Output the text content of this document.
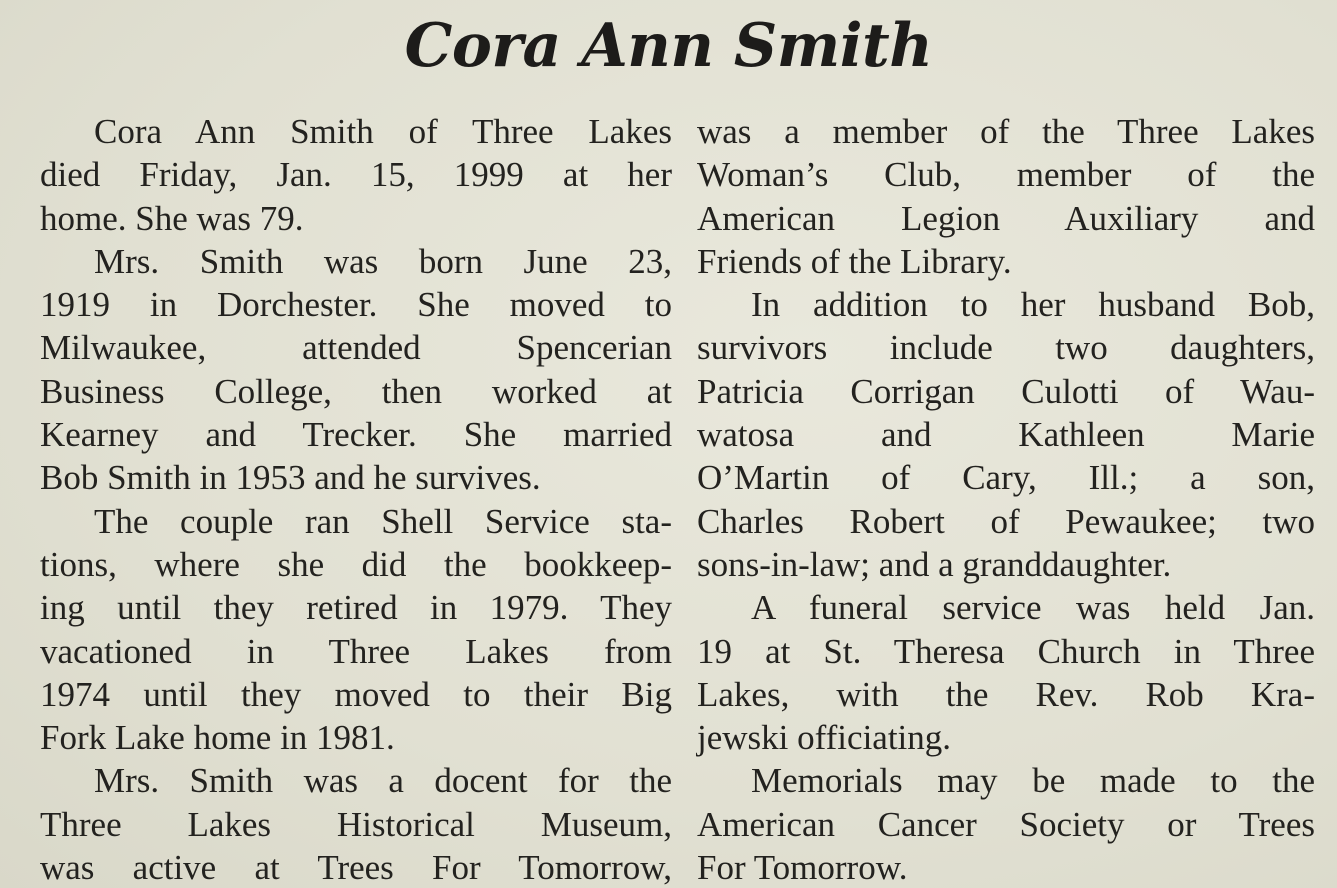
Cora Ann Smith
Cora Ann Smith of Three Lakes
died Friday, Jan. 15, 1999 at her
home. She was 79.
Mrs. Smith was born June 23,
1919 in Dorchester. She moved to
Milwaukee, attended Spencerian
Business College, then worked at
Kearney and Trecker. She married
Bob Smith in 1953 and he survives.
The couple ran Shell Service sta-
tions, where she did the bookkeep-
ing until they retired in 1979. They
vacationed in Three Lakes from
1974 until they moved to their Big
Fork Lake home in 1981.
Mrs. Smith was a docent for the
Three Lakes Historical Museum,
was active at Trees For Tomorrow,
was a member of the Three Lakes
Woman’s Club, member of the
American Legion Auxiliary and
Friends of the Library.
In addition to her husband Bob,
survivors include two daughters,
Patricia Corrigan Culotti of Wau-
watosa and Kathleen Marie
O’Martin of Cary, Ill.; a son,
Charles Robert of Pewaukee; two
sons-in-law; and a granddaughter.
A funeral service was held Jan.
19 at St. Theresa Church in Three
Lakes, with the Rev. Rob Kra-
jewski officiating.
Memorials may be made to the
American Cancer Society or Trees
For Tomorrow.
